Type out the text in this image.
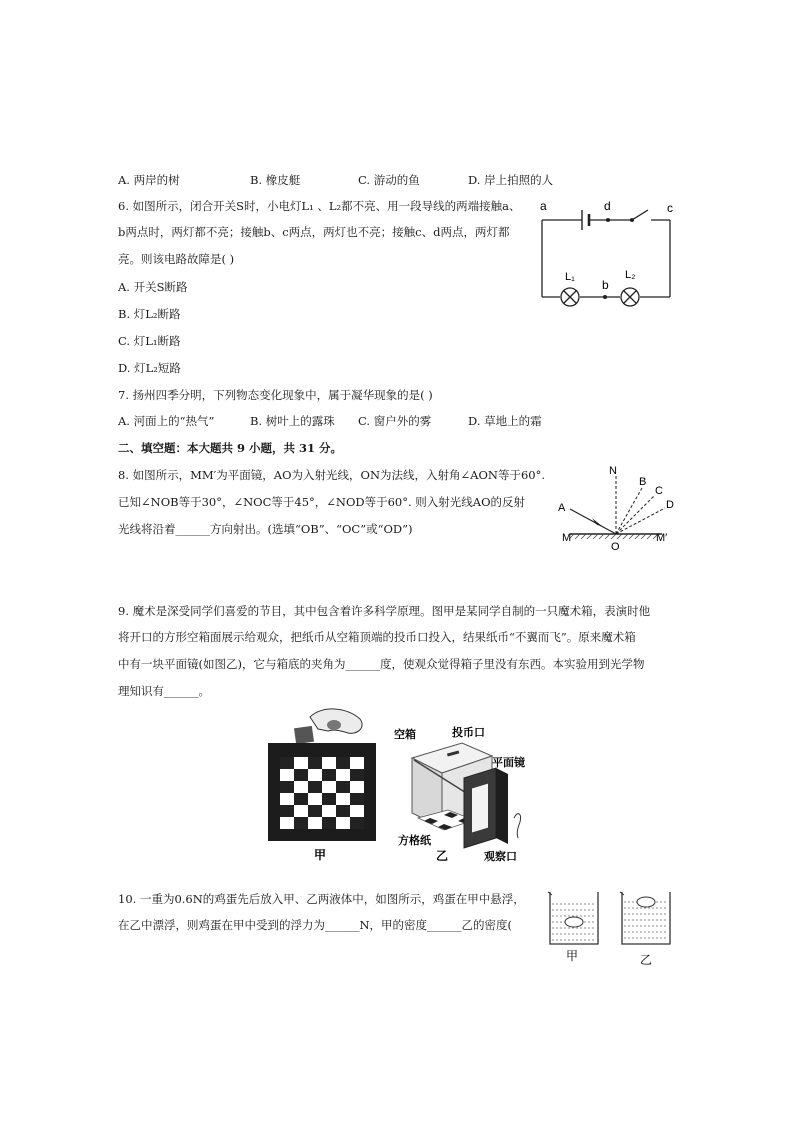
A. 两岸的树	B. 橡皮艇	C. 游动的鱼	D. 岸上拍照的人
6. 如图所示，闭合开关S时，小电灯L₁ 、L₂都不亮、用一段导线的两端接触a、
b两点时，两灯都不亮；接触b、c两点，两灯也不亮；接触c、d两点，两灯都
亮。则该电路故障是( )
A. 开关S断路
B. 灯L₂断路
C. 灯L₁断路
D. 灯L₂短路
a	d	c
b
L₁	L₂
7. 扬州四季分明，下列物态变化现象中，属于凝华现象的是( )
A. 河面上的“热气”	B. 树叶上的露珠 C. 窗户外的雾	D. 草地上的霜
二、填空题：本大题共 9 小题，共 31 分。
8. 如图所示，MM′为平面镜，AO为入射光线，ON为法线，入射角∠AON等于60°.
已知∠NOB等于30°，∠NOC等于45°，∠NOD等于60°. 则入射光线AO的反射
光线将沿着______方向射出。(选填“OB”、“OC”或“OD”)
N
B
C
D
A
M
O
M′
9. 魔术是深受同学们喜爱的节目，其中包含着许多科学原理。图甲是某同学自制的一只魔术箱，表演时他
将开口的方形空箱面展示给观众，把纸币从空箱顶端的投币口投入，结果纸币“不翼而飞”。原来魔术箱
中有一块平面镜(如图乙)，它与箱底的夹角为______度，使观众觉得箱子里没有东西。本实验用到光学物
理知识有______。
甲
空箱	投币口
平面镜
方格纸
观察口
乙
10. 一重为0.6N的鸡蛋先后放入甲、乙两液体中，如图所示，鸡蛋在甲中悬浮，
在乙中漂浮，则鸡蛋在甲中受到的浮力为______N，甲的密度______乙的密度(
甲	乙
